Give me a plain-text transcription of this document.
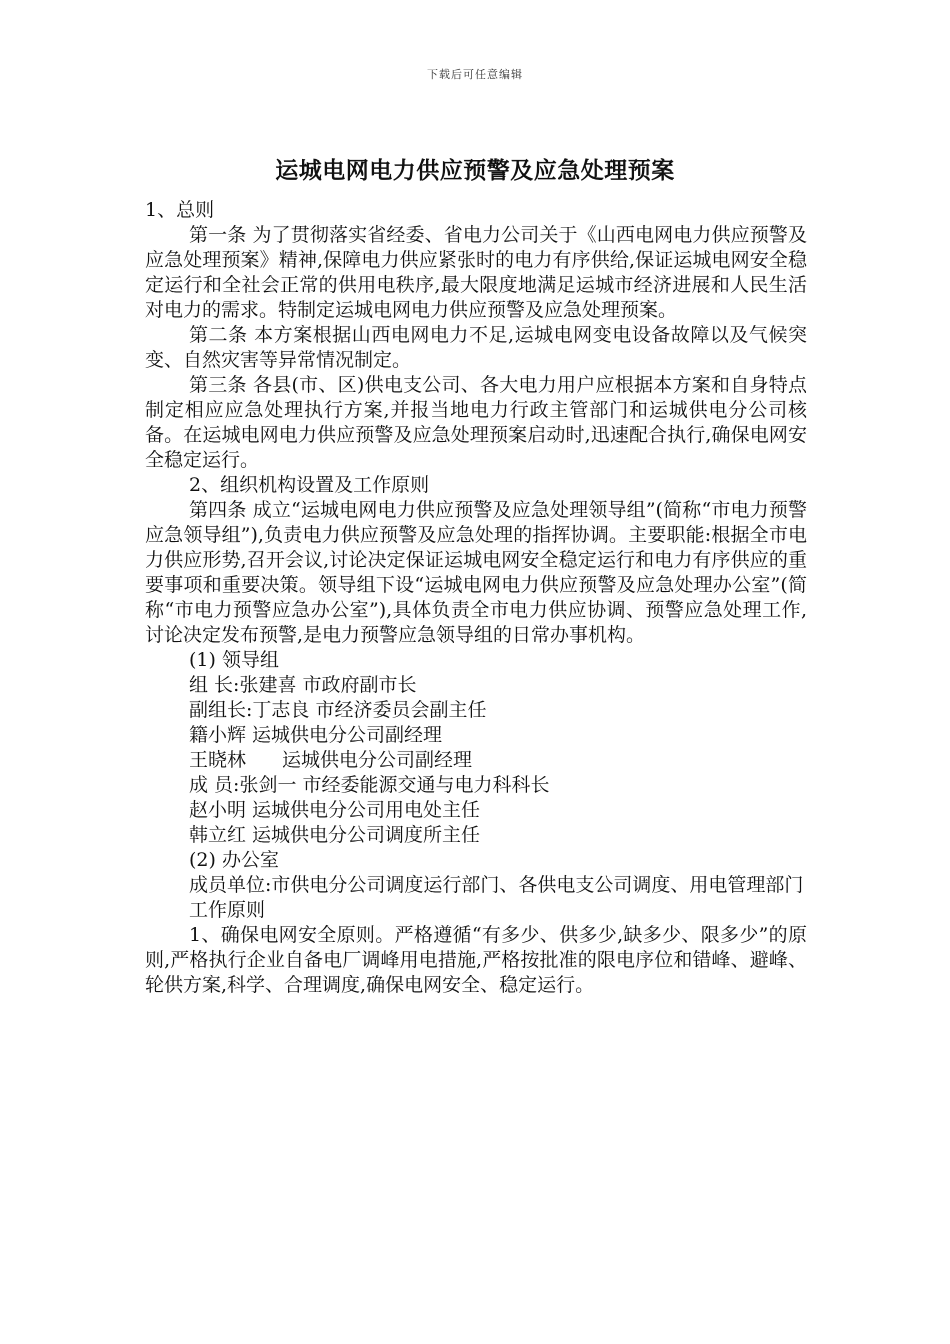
下载后可任意编辑
运城电网电力供应预警及应急处理预案

1、总则

第一条 为了贯彻落实省经委、省电力公司关于《山西电网电力供应预警及应急处理预案》精神,保障电力供应紧张时的电力有序供给,保证运城电网安全稳定运行和全社会正常的供用电秩序,最大限度地满足运城市经济进展和人民生活对电力的需求。特制定运城电网电力供应预警及应急处理预案。

第二条 本方案根据山西电网电力不足,运城电网变电设备故障以及气候突变、自然灾害等异常情况制定。

第三条 各县(市、区)供电支公司、各大电力用户应根据本方案和自身特点制定相应应急处理执行方案,并报当地电力行政主管部门和运城供电分公司核备。在运城电网电力供应预警及应急处理预案启动时,迅速配合执行,确保电网安全稳定运行。

2、组织机构设置及工作原则

第四条 成立“运城电网电力供应预警及应急处理领导组”(简称“市电力预警应急领导组”),负责电力供应预警及应急处理的指挥协调。主要职能:根据全市电力供应形势,召开会议,讨论决定保证运城电网安全稳定运行和电力有序供应的重要事项和重要决策。领导组下设“运城电网电力供应预警及应急处理办公室”(简称“市电力预警应急办公室”),具体负责全市电力供应协调、预警应急处理工作,讨论决定发布预警,是电力预警应急领导组的日常办事机构。

(1) 领导组

组 长:张建喜 市政府副市长

副组长:丁志良 市经济委员会副主任

籍小辉 运城供电分公司副经理

王晓林 运城供电分公司副经理

成 员:张剑一 市经委能源交通与电力科科长

赵小明 运城供电分公司用电处主任

韩立红 运城供电分公司调度所主任

(2) 办公室

成员单位:市供电分公司调度运行部门、各供电支公司调度、用电管理部门

工作原则

1、确保电网安全原则。严格遵循“有多少、供多少,缺多少、限多少”的原则,严格执行企业自备电厂调峰用电措施,严格按批准的限电序位和错峰、避峰、轮供方案,科学、合理调度,确保电网安全、稳定运行。
